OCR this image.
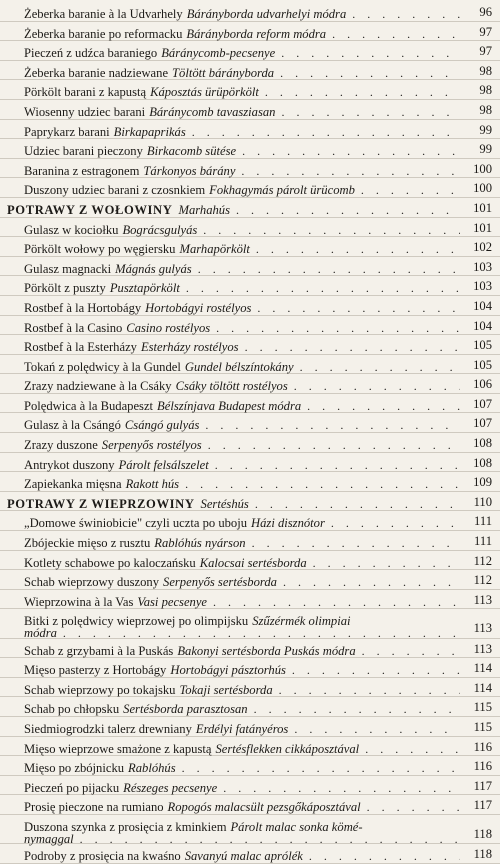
Żeberka baranie à la Udvarhely Báránybordа udvarhelyi módra . . .	96
Żeberka baranie po reformacku Báránybordа reform módra . . .	97
Pieczeń z udźca baraniego Báránycomb-pecsenye . . .	97
Żeberka baranie nadziewane Töltött báránybordа . . .	98
Pörkölt barani z kapustą Káposztás ürüpörkölt . . .	98
Wiosenny udziec barani Báránycomb tavasziasan . . .	98
Paprykarz barani Birkapaprikás . . .	99
Udziec barani pieczony Birkacomb sütése . . .	99
Baranina z estragonem Tárkonyos bárány . . .	100
Duszony udziec barani z czosnkiem Fokhagymás párolt ürücomb . . .	100
POTRAWY Z WOŁOWINY Marhahús . . .	101
Gulasz w kociołku Bográcsgulyás . . .	101
Pörkölt wołowy po węgiersku Marhapörkölt . . .	102
Gulasz magnacki Mágnás gulyás . . .	103
Pörkölt z puszty Pusztapörkölt . . .	103
Rostbef à la Hortobágy Hortobágyi rostélyos . . .	104
Rostbef à la Casino Casino rostélyos . . .	104
Rostbef à la Esterházy Esterházy rostélyos . . .	105
Tokań z polędwicy à la Gundel Gundel bélszíntokány . . .	105
Zrazy nadziewane à la Csáky Csáky töltött rostélyos . . .	106
Polędwica à la Budapeszt Bélszínjava Budapest módra . . .	107
Gulasz à la Csángó Csángó gulyás . . .	107
Zrazy duszone Serpenyős rostélyos . . .	108
Antrykot duszony Párolt felsálszelet . . .	108
Zapiekanka mięsna Rakott hús . . .	109
POTRAWY Z WIEPRZOWINY Sertéshús . . .	110
„Domowe świniobicie" czyli uczta po uboju Házi disznótor . . .	111
Zbójeckie mięso z rusztu Rablóhús nyárson . . .	111
Kotlety schabowe po kaloczańsku Kalocsai sertésborda . . .	112
Schab wieprzowy duszony Serpenyős sertésborda . . .	112
Wieprzowina à la Vas Vasi pecsenye . . .	113
Bitki z polędwicy wieprzowej po olimpijsku Szűzérmék olimpiai
módra . . .	113
Schab z grzybami à la Puskás Bakonyi sertésborda Puskás módra . . .	113
Mięso pasterzy z Hortobágy Hortobágyi pásztorhús . . .	114
Schab wieprzowy po tokajsku Tokaji sertésborda . . .	114
Schab po chłopsku Sertésborda parasztosan . . .	115
Siedmiogrodzki talerz drewniany Erdélyi fatányéros . . .	115
Mięso wieprzowe smażone z kapustą Sertésflekken cikkáposztával . . .	116
Mięso po zbójnicku Rablóhús . . .	116
Pieczeń po pijacku Részeges pecsenye . . .	117
Prosię pieczone na rumiano Ropogós malacsült pezsgőkáposztával . . .	117
Duszona szynka z prosięcia z kminkiem Párolt malac sonka kömé-
nymaggal . . .	118
Podroby z prosięcia na kwaśno Savanyú malac aprólék . . .	118
